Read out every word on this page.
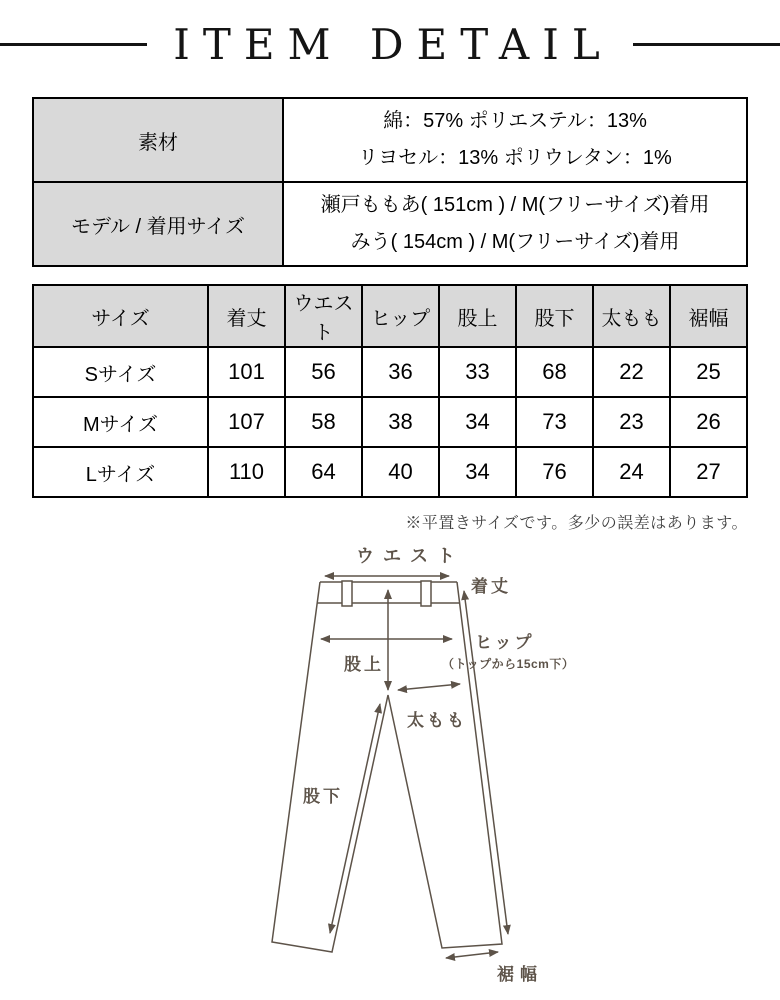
ITEM DETAIL
素材	綿：57% ポリエステル：13%
リヨセル：13% ポリウレタン：1%

モデル / 着用サイズ	瀬戸ももあ( 151cm ) / M(フリーサイズ)着用
みう( 154cm ) / M(フリーサイズ)着用
サイズ	着丈	ウエスト	ヒップ	股上	股下	太もも	裾幅
Sサイズ	101	56	36	33	68	22	25
Mサイズ	107	58	38	34	73	23	26
Lサイズ	110	64	40	34	76	24	27
※平置きサイズです。多少の誤差はあります。
ウエスト
着丈
ヒップ
（トップから15cm下）
股上
太もも
股下
裾幅
